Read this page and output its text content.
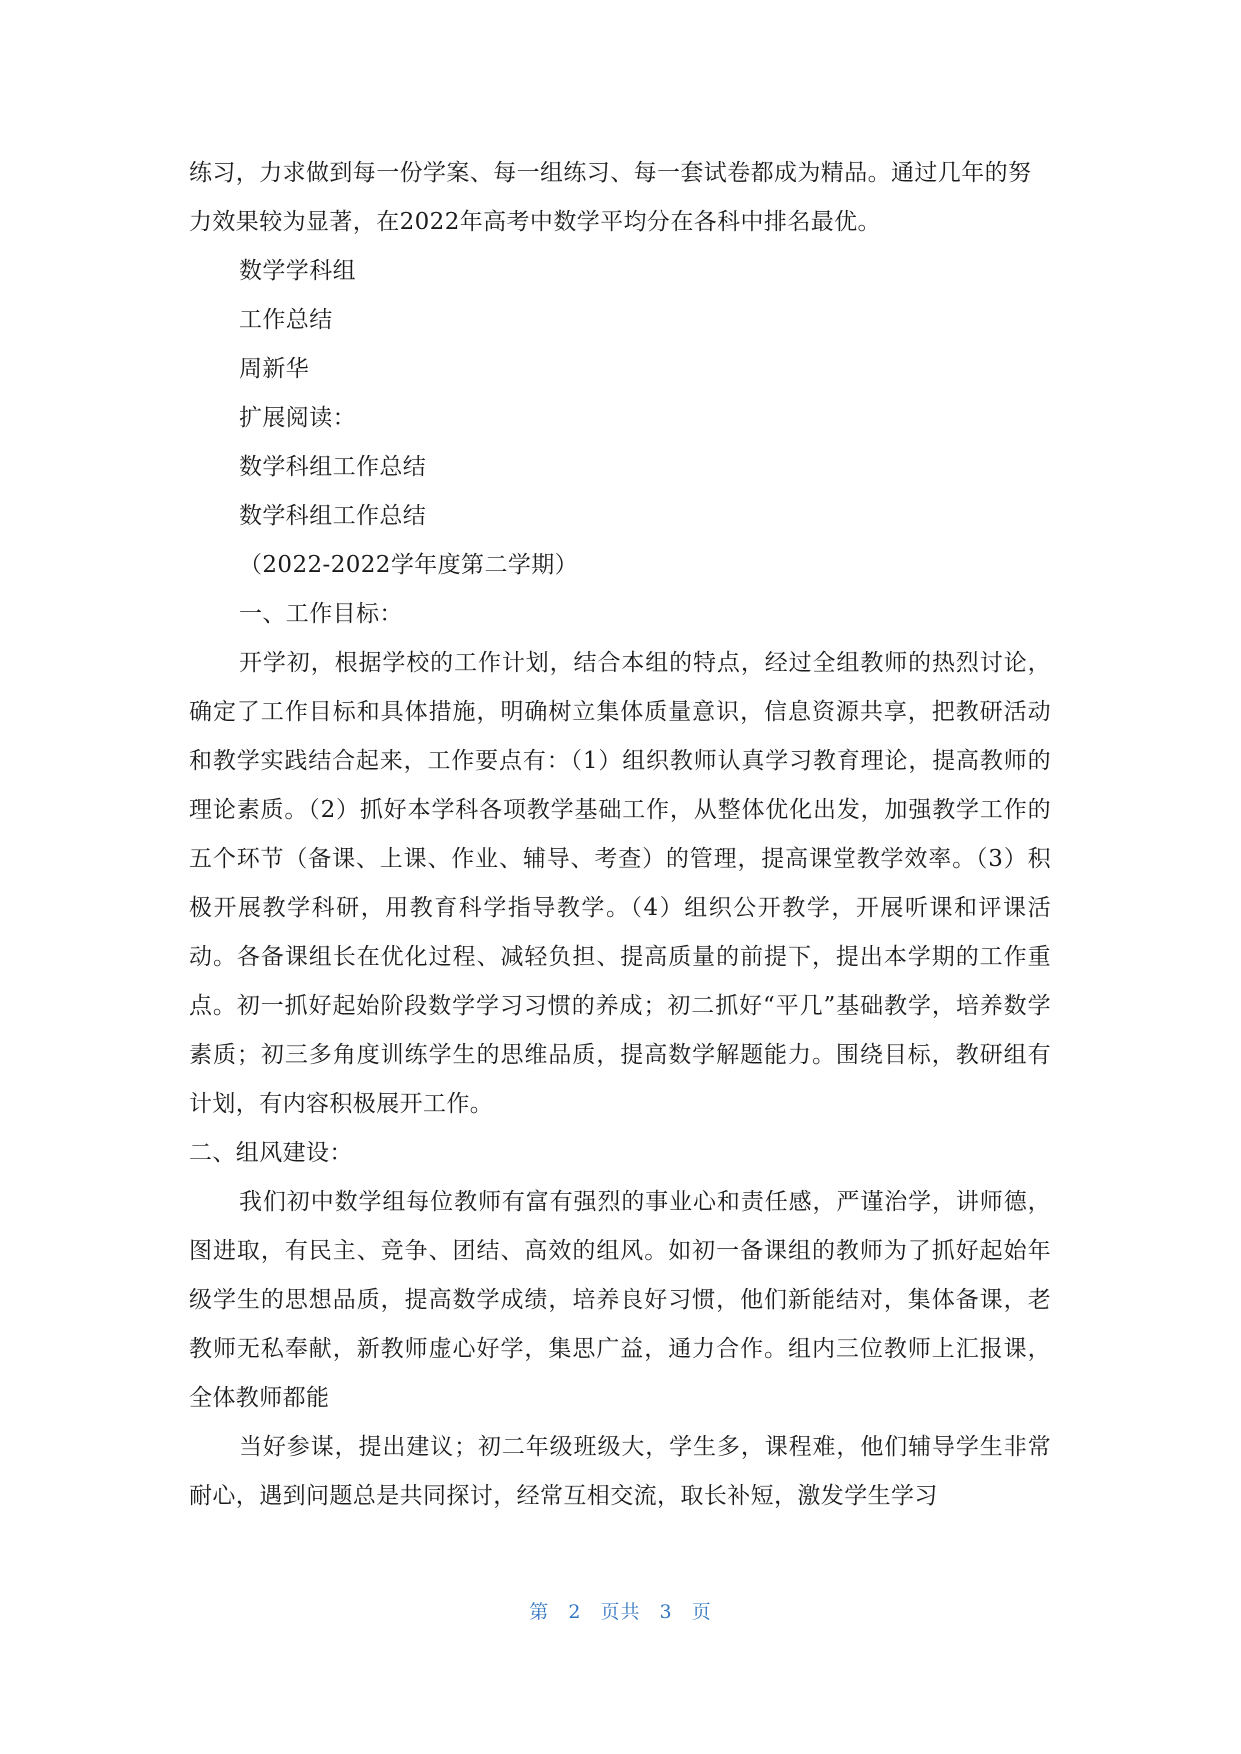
练习，力求做到每一份学案、每一组练习、每一套试卷都成为精品。通过几年的努力效果较为显著，在2022年高考中数学平均分在各科中排名最优。

数学学科组

工作总结

周新华

扩展阅读：

数学科组工作总结

数学科组工作总结

（2022-2022学年度第二学期）

一、工作目标：

开学初，根据学校的工作计划，结合本组的特点，经过全组教师的热烈讨论，确定了工作目标和具体措施，明确树立集体质量意识，信息资源共享，把教研活动和教学实践结合起来，工作要点有：（1）组织教师认真学习教育理论，提高教师的理论素质。（2）抓好本学科各项教学基础工作，从整体优化出发，加强教学工作的五个环节（备课、上课、作业、辅导、考查）的管理，提高课堂教学效率。（3）积极开展教学科研，用教育科学指导教学。（4）组织公开教学，开展听课和评课活动。各备课组长在优化过程、减轻负担、提高质量的前提下，提出本学期的工作重点。初一抓好起始阶段数学学习习惯的养成；初二抓好“平几”基础教学，培养数学素质；初三多角度训练学生的思维品质，提高数学解题能力。围绕目标，教研组有计划，有内容积极展开工作。

二、组风建设：

我们初中数学组每位教师有富有强烈的事业心和责任感，严谨治学，讲师德，图进取，有民主、竞争、团结、高效的组风。如初一备课组的教师为了抓好起始年级学生的思想品质，提高数学成绩，培养良好习惯，他们新能结对，集体备课，老教师无私奉献，新教师虚心好学，集思广益，通力合作。组内三位教师上汇报课，全体教师都能

当好参谋，提出建议；初二年级班级大，学生多，课程难，他们辅导学生非常耐心，遇到问题总是共同探讨，经常互相交流，取长补短，激发学生学习

第 2 页共 3 页
